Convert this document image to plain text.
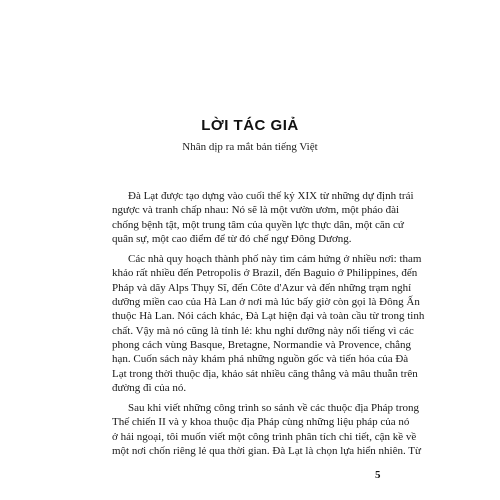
LỜI TÁC GIẢ
Nhân dịp ra mắt bản tiếng Việt
Đà Lạt được tạo dựng vào cuối thế kỷ XIX từ những dự định trái
ngược và tranh chấp nhau: Nó sẽ là một vườn ươm, một pháo đài
chống bệnh tật, một trung tâm của quyền lực thực dân, một căn cứ
quân sự, một cao điểm để từ đó chế ngự Đông Dương.
Các nhà quy hoạch thành phố này tìm cảm hứng ở nhiều nơi: tham
khảo rất nhiều đến Petropolis ở Brazil, đến Baguio ở Philippines, đến
Pháp và dãy Alps Thụy Sĩ, đến Côte d'Azur và đến những trạm nghỉ
dưỡng miền cao của Hà Lan ở nơi mà lúc bấy giờ còn gọi là Đông Ấn
thuộc Hà Lan. Nói cách khác, Đà Lạt hiện đại và toàn cầu từ trong tinh
chất. Vậy mà nó cũng là tỉnh lẻ: khu nghỉ dưỡng này nổi tiếng vì các
phong cách vùng Basque, Bretagne, Normandie và Provence, chẳng
hạn. Cuốn sách này khám phá những nguồn gốc và tiến hóa của Đà
Lạt trong thời thuộc địa, khảo sát nhiều căng thẳng và mâu thuẫn trên
đường đi của nó.
Sau khi viết những công trình so sánh về các thuộc địa Pháp trong
Thế chiến II và y khoa thuộc địa Pháp cùng những liệu pháp của nó
ở hải ngoại, tôi muốn viết một công trình phân tích chi tiết, cận kề về
một nơi chốn riêng lẻ qua thời gian. Đà Lạt là chọn lựa hiển nhiên. Từ
5
